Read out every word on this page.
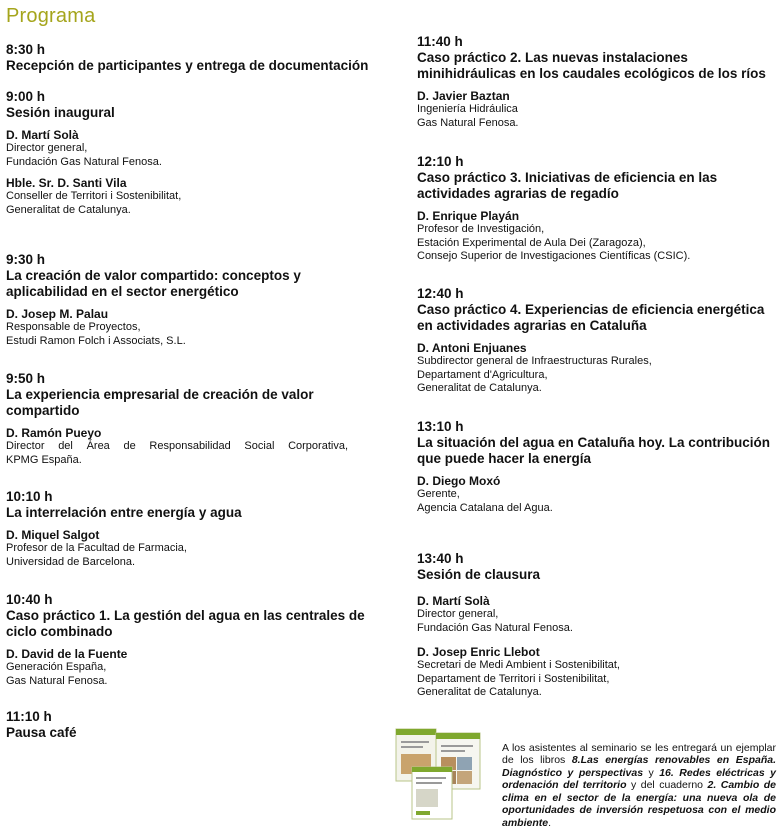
Programa
8:30 h
Recepción de participantes y entrega de documentación
9:00 h
Sesión inaugural
D. Martí Solà
Director general,
Fundación Gas Natural Fenosa.
Hble. Sr. D. Santi Vila
Conseller de Territori i Sostenibilitat,
Generalitat de Catalunya.
9:30 h
La creación de valor compartido: conceptos y aplicabilidad en el sector energético
D. Josep M. Palau
Responsable de Proyectos,
Estudi Ramon Folch i Associats, S.L.
9:50 h
La experiencia empresarial de creación de valor compartido
D. Ramón Pueyo
Director del Área de Responsabilidad Social Corporativa,
KPMG España.
10:10 h
La interrelación entre energía y agua
D. Miquel Salgot
Profesor de la Facultad de Farmacia,
Universidad de Barcelona.
10:40 h
Caso práctico 1. La gestión del agua en las centrales de ciclo combinado
D. David de la Fuente
Generación España,
Gas Natural Fenosa.
11:10 h
Pausa café
11:40 h
Caso práctico 2. Las nuevas instalaciones minihidráulicas en los caudales ecológicos de los ríos
D. Javier Baztan
Ingeniería Hidráulica
Gas Natural Fenosa.
12:10 h
Caso práctico 3. Iniciativas de eficiencia en las actividades agrarias de regadío
D. Enrique Playán
Profesor de Investigación,
Estación Experimental de Aula Dei (Zaragoza),
Consejo Superior de Investigaciones Científicas (CSIC).
12:40 h
Caso práctico 4. Experiencias de eficiencia energética en actividades agrarias en Cataluña
D. Antoni Enjuanes
Subdirector general de Infraestructuras Rurales,
Departament d'Agricultura,
Generalitat de Catalunya.
13:10 h
La situación del agua en Cataluña hoy. La contribución que puede hacer la energía
D. Diego Moxó
Gerente,
Agencia Catalana del Agua.
13:40 h
Sesión de clausura
D. Martí Solà
Director general,
Fundación Gas Natural Fenosa.
D. Josep Enric Llebot
Secretari de Medi Ambient i Sostenibilitat,
Departament de Territori i Sostenibilitat,
Generalitat de Catalunya.

A los asistentes al seminario se les entregará un ejemplar de los libros 8.Las energías renovables en España. Diagnóstico y perspectivas y 16. Redes eléctricas y ordenación del territorio y del cuaderno 2. Cambio de clima en el sector de la energía: una nueva ola de oportunidades de inversión respetuosa con el medio ambiente.
